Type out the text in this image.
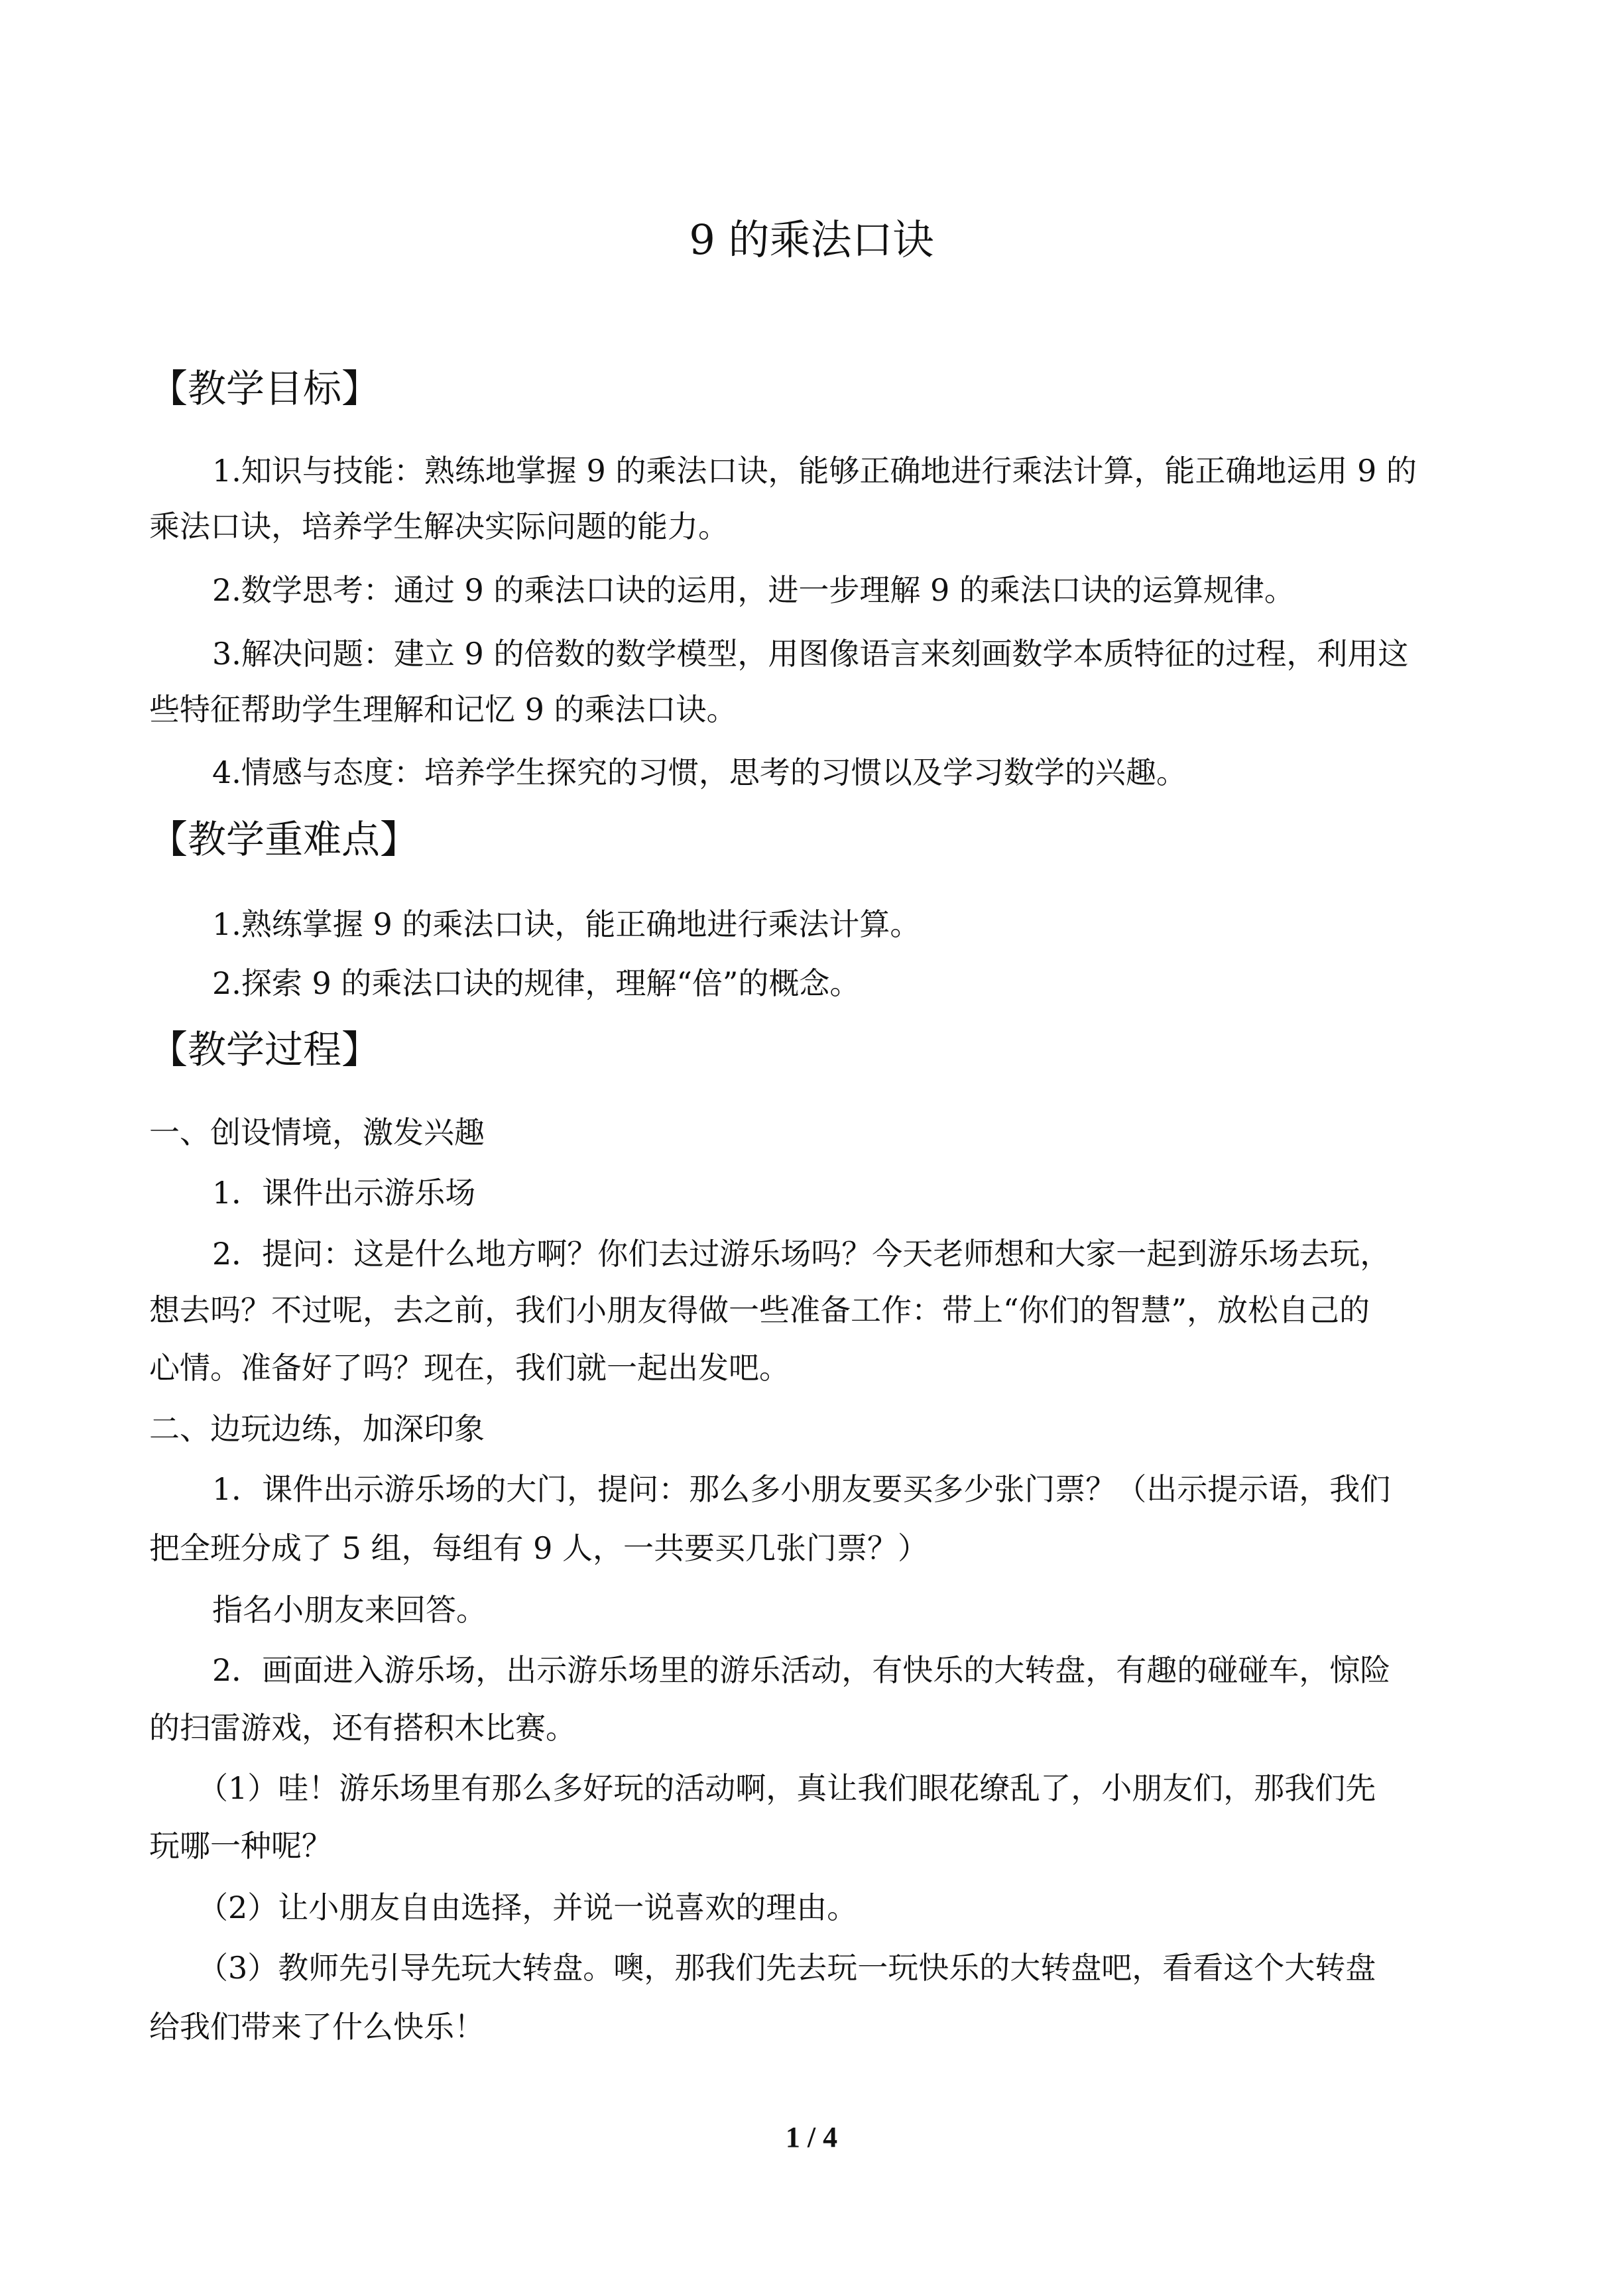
9 的乘法口诀
【教学目标】
1.知识与技能：熟练地掌握 9 的乘法口诀，能够正确地进行乘法计算，能正确地运用 9 的
乘法口诀，培养学生解决实际问题的能力。
2.数学思考：通过 9 的乘法口诀的运用，进一步理解 9 的乘法口诀的运算规律。
3.解决问题：建立 9 的倍数的数学模型，用图像语言来刻画数学本质特征的过程，利用这
些特征帮助学生理解和记忆 9 的乘法口诀。
4.情感与态度：培养学生探究的习惯，思考的习惯以及学习数学的兴趣。
【教学重难点】
1.熟练掌握 9 的乘法口诀，能正确地进行乘法计算。
2.探索 9 的乘法口诀的规律，理解“倍”的概念。
【教学过程】
一、创设情境，激发兴趣
1．课件出示游乐场
2．提问：这是什么地方啊？你们去过游乐场吗？今天老师想和大家一起到游乐场去玩，
想去吗？不过呢，去之前，我们小朋友得做一些准备工作：带上“你们的智慧”，放松自己的
心情。准备好了吗？现在，我们就一起出发吧。
二、边玩边练，加深印象
1．课件出示游乐场的大门，提问：那么多小朋友要买多少张门票？（出示提示语，我们
把全班分成了 5 组，每组有 9 人，一共要买几张门票？）
指名小朋友来回答。
2．画面进入游乐场，出示游乐场里的游乐活动，有快乐的大转盘，有趣的碰碰车，惊险
的扫雷游戏，还有搭积木比赛。
（1）哇！游乐场里有那么多好玩的活动啊，真让我们眼花缭乱了，小朋友们，那我们先
玩哪一种呢？
（2）让小朋友自由选择，并说一说喜欢的理由。
（3）教师先引导先玩大转盘。噢，那我们先去玩一玩快乐的大转盘吧，看看这个大转盘
给我们带来了什么快乐！
1 / 4
